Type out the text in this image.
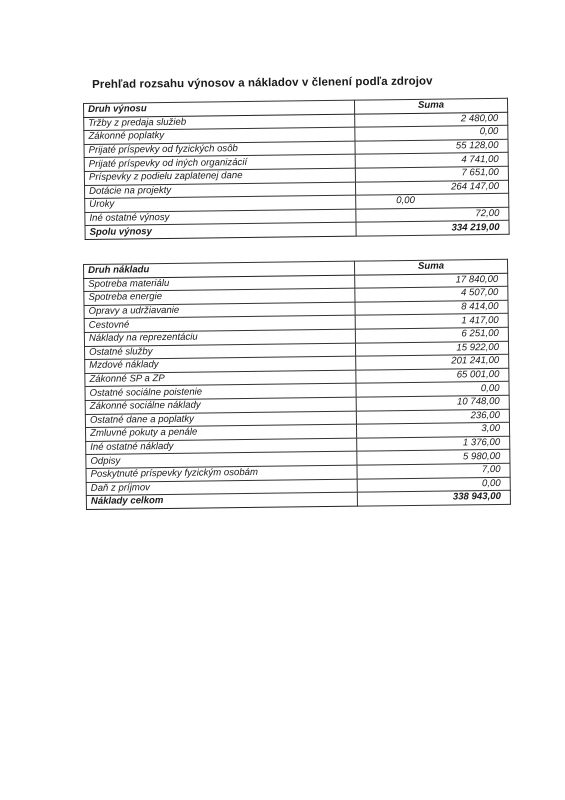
Prehľad rozsahu výnosov a nákladov v členení podľa zdrojov
Druh výnosu	Suma
Tržby z predaja služieb	2 480,00
Zákonné poplatky	0,00
Prijaté príspevky od fyzických osôb	55 128,00
Prijaté príspevky od iných organizácií	4 741,00
Príspevky z podielu zaplatenej dane	7 651,00
Dotácie na projekty	264 147,00
Úroky	0,00
Iné ostatné výnosy	72,00
Spolu výnosy	334 219,00
Druh nákladu	Suma
Spotreba materiálu	17 840,00
Spotreba energie	4 507,00
Opravy a udržiavanie	8 414,00
Cestovné	1 417,00
Náklady na reprezentáciu	6 251,00
Ostatné služby	15 922,00
Mzdové náklady	201 241,00
Zákonné SP a ZP	65 001,00
Ostatné sociálne poistenie	0,00
Zákonné sociálne náklady	10 748,00
Ostatné dane a poplatky	236,00
Zmluvné pokuty a penále	3,00
Iné ostatné náklady	1 376,00
Odpisy	5 980,00
Poskytnuté príspevky fyzickým osobám	7,00
Daň z príjmov	0,00
Náklady celkom	338 943,00
